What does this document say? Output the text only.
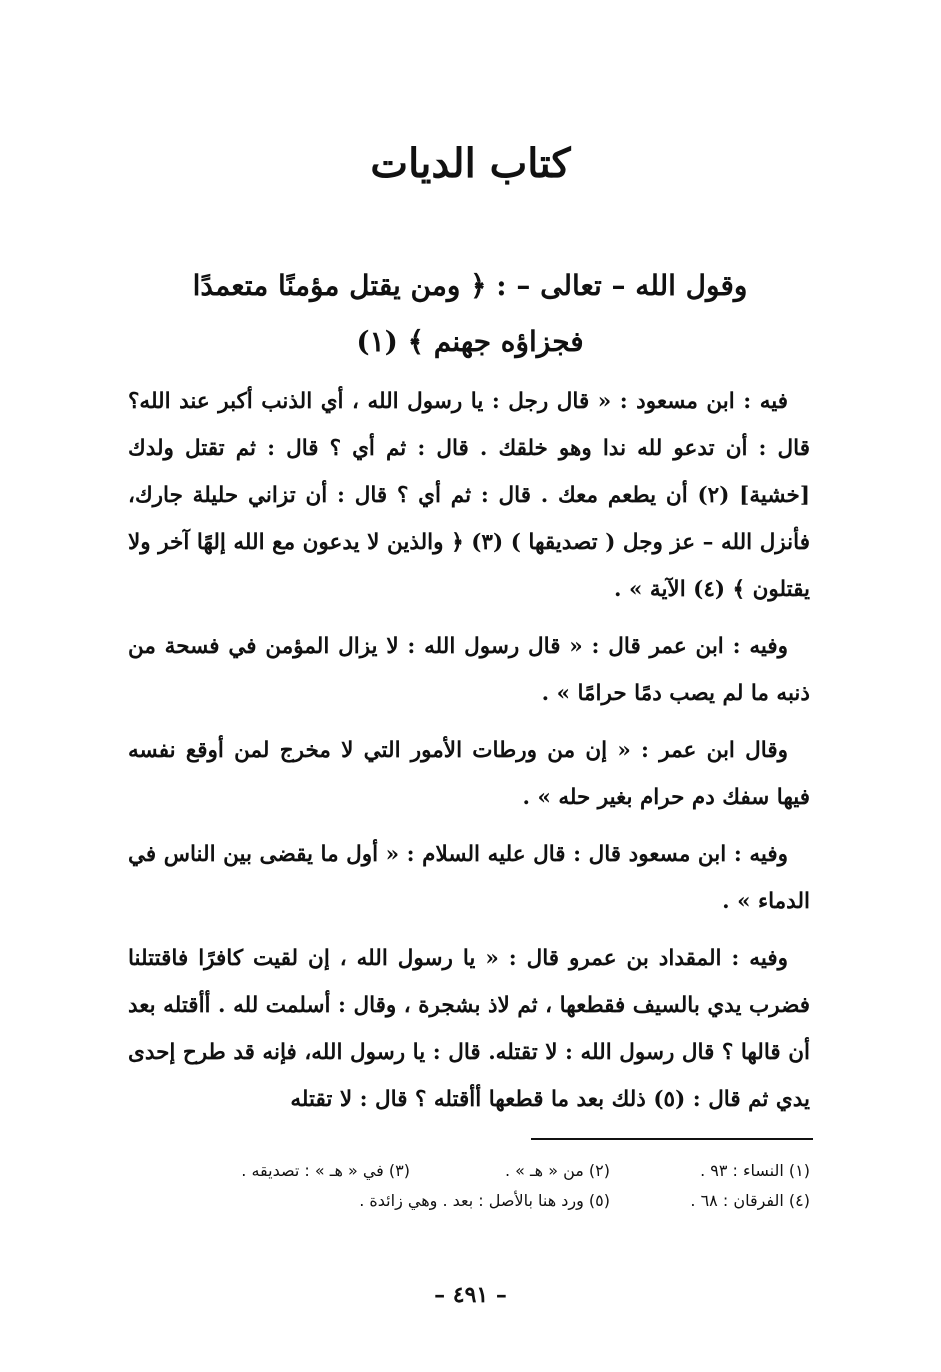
كتاب الديات
وقول الله – تعالى – : ﴿ ومن يقتل مؤمنًا متعمدًا فجزاؤه جهنم ﴾ (١)

فيه : ابن مسعود : « قال رجل : يا رسول الله ، أي الذنب أكبر عند الله؟ قال : أن تدعو لله ندا وهو خلقك . قال : ثم أي ؟ قال : ثم تقتل ولدك [خشية] (٢) أن يطعم معك . قال : ثم أي ؟ قال : أن تزاني حليلة جارك، فأنزل الله – عز وجل ( تصديقها ) (٣) ﴿ والذين لا يدعون مع الله إلهًا آخر ولا يقتلون ﴾ (٤) الآية » .

وفيه : ابن عمر قال : « قال رسول الله : لا يزال المؤمن في فسحة من ذنبه ما لم يصب دمًا حرامًا » .

وقال ابن عمر : « إن من ورطات الأمور التي لا مخرج لمن أوقع نفسه فيها سفك دم حرام بغير حله » .

وفيه : ابن مسعود قال : قال عليه السلام : « أول ما يقضى بين الناس في الدماء » .

وفيه : المقداد بن عمرو قال : « يا رسول الله ، إن لقيت كافرًا فاقتتلنا فضرب يدي بالسيف فقطعها ، ثم لاذ بشجرة ، وقال : أسلمت لله . أأقتله بعد أن قالها ؟ قال رسول الله : لا تقتله. قال : يا رسول الله، فإنه قد طرح إحدى يدي ثم قال : (٥) ذلك بعد ما قطعها أأقتله ؟ قال : لا تقتله

(١) النساء : ٩٣ .
(٢) من « هـ » .
(٣) في « هـ » : تصديقه .
(٤) الفرقان : ٦٨ .
(٥) ورد هنا بالأصل : بعد . وهي زائدة .
– ٤٩١ –
